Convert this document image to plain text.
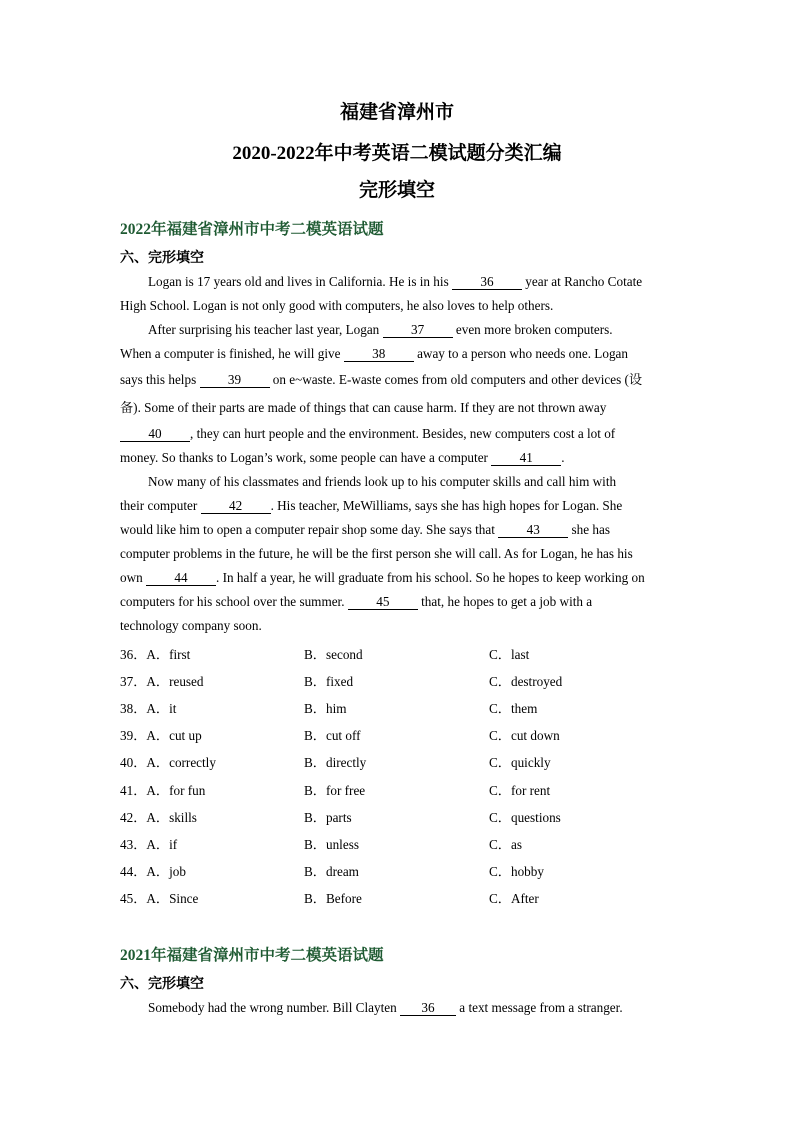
福建省漳州市
2020-2022年中考英语二模试题分类汇编
完形填空
2022年福建省漳州市中考二模英语试题
六、完形填空
Logan is 17 years old and lives in California. He is in his 36 year at Rancho Cotate
High School. Logan is not only good with computers, he also loves to help others.
After surprising his teacher last year, Logan 37 even more broken computers.
When a computer is finished, he will give 38 away to a person who needs one. Logan
says this helps 39 on e~waste. E-waste comes from old computers and other devices (设
备). Some of their parts are made of things that can cause harm. If they are not thrown away
40 , they can hurt people and the environment. Besides, new computers cost a lot of
money. So thanks to Logan’s work, some people can have a computer 41 .
Now many of his classmates and friends look up to his computer skills and call him with
their computer 42 . His teacher, MeWilliams, says she has high hopes for Logan. She
would like him to open a computer repair shop some day. She says that 43 she has
computer problems in the future, he will be the first person she will call. As for Logan, he has his
own 44 . In half a year, he will graduate from his school. So he hopes to keep working on
computers for his school over the summer. 45 that, he hopes to get a job with a
technology company soon.
36．A．first	B．second	C．last
37．A．reused	B．fixed	C．destroyed
38．A．it	B．him	C．them
39．A．cut up	B．cut off	C．cut down
40．A．correctly	B．directly	C．quickly
41．A．for fun	B．for free	C．for rent
42．A．skills	B．parts	C．questions
43．A．if	B．unless	C．as
44．A．job	B．dream	C．hobby
45．A．Since	B．Before	C．After
2021年福建省漳州市中考二模英语试题
六、完形填空
Somebody had the wrong number. Bill Clayten 36 a text message from a stranger.
